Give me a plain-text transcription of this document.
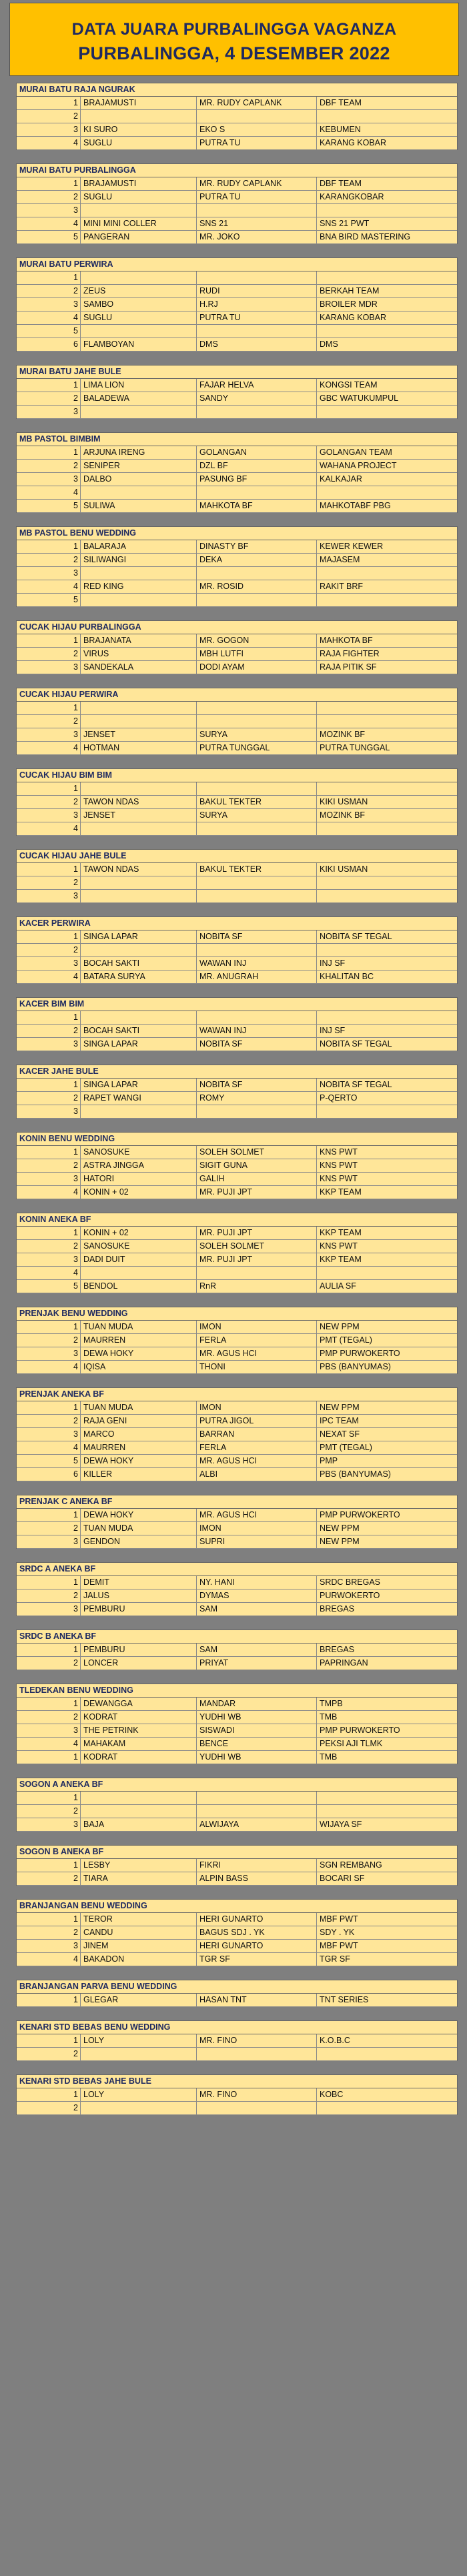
DATA JUARA PURBALINGGA VAGANZA
PURBALINGGA, 4 DESEMBER 2022
MURAI BATU RAJA NGURAK
1 BRAJAMUSTI	MR. RUDY CAPLANK	DBF TEAM
2
3 KI SURO	EKO S	KEBUMEN
4 SUGLU	PUTRA TU	KARANG KOBAR
MURAI BATU PURBALINGGA
1 BRAJAMUSTI	MR. RUDY CAPLANK	DBF TEAM
2 SUGLU	PUTRA TU	KARANGKOBAR
3
4 MINI MINI COLLER	SNS 21	SNS 21 PWT
5 PANGERAN	MR. JOKO	BNA BIRD MASTERING
MURAI BATU PERWIRA
1
2 ZEUS	RUDI	BERKAH TEAM
3 SAMBO	H.RJ	BROILER MDR
4 SUGLU	PUTRA TU	KARANG KOBAR
5
6 FLAMBOYAN	DMS	DMS
MURAI BATU JAHE BULE
1 LIMA LION	FAJAR HELVA	KONGSI TEAM
2 BALADEWA	SANDY	GBC WATUKUMPUL
3
MB PASTOL BIMBIM
1 ARJUNA IRENG	GOLANGAN	GOLANGAN TEAM
2 SENIPER	DZL BF	WAHANA PROJECT
3 DALBO	PASUNG BF	KALKAJAR
4
5 SULIWA	MAHKOTA BF	MAHKOTABF PBG
MB PASTOL BENU WEDDING
1 BALARAJA	DINASTY BF	KEWER KEWER
2 SILIWANGI	DEKA	MAJASEM
3
4 RED KING	MR. ROSID	RAKIT BRF
5
CUCAK HIJAU PURBALINGGA
1 BRAJANATA	MR. GOGON	MAHKOTA BF
2 VIRUS	MBH LUTFI	RAJA FIGHTER
3 SANDEKALA	DODI AYAM	RAJA PITIK SF
CUCAK HIJAU PERWIRA
1
2
3 JENSET	SURYA	MOZINK BF
4 HOTMAN	PUTRA TUNGGAL	PUTRA TUNGGAL
CUCAK HIJAU BIM BIM
1
2 TAWON NDAS	BAKUL TEKTER	KIKI USMAN
3 JENSET	SURYA	MOZINK BF
4
CUCAK HIJAU JAHE BULE
1 TAWON NDAS	BAKUL TEKTER	KIKI USMAN
2
3
KACER PERWIRA
1 SINGA LAPAR	NOBITA SF	NOBITA SF TEGAL
2
3 BOCAH SAKTI	WAWAN INJ	INJ SF
4 BATARA SURYA	MR. ANUGRAH	KHALITAN BC
KACER BIM BIM
1
2 BOCAH SAKTI	WAWAN INJ	INJ SF
3 SINGA LAPAR	NOBITA SF	NOBITA SF TEGAL
KACER JAHE BULE
1 SINGA LAPAR	NOBITA SF	NOBITA SF TEGAL
2 RAPET WANGI	ROMY	P-QERTO
3
KONIN BENU WEDDING
1 SANOSUKE	SOLEH SOLMET	KNS PWT
2 ASTRA JINGGA	SIGIT GUNA	KNS PWT
3 HATORI	GALIH	KNS PWT
4 KONIN + 02	MR. PUJI JPT	KKP TEAM
KONIN ANEKA BF
1 KONIN + 02	MR. PUJI JPT	KKP TEAM
2 SANOSUKE	SOLEH SOLMET	KNS PWT
3 DADI DUIT	MR. PUJI JPT	KKP TEAM
4
5 BENDOL	RnR	AULIA SF
PRENJAK BENU WEDDING
1 TUAN MUDA	IMON	NEW PPM
2 MAURREN	FERLA	PMT (TEGAL)
3 DEWA HOKY	MR. AGUS HCI	PMP PURWOKERTO
4 IQISA	THONI	PBS (BANYUMAS)
PRENJAK ANEKA BF
1 TUAN MUDA	IMON	NEW PPM
2 RAJA GENI	PUTRA JIGOL	IPC TEAM
3 MARCO	BARRAN	NEXAT SF
4 MAURREN	FERLA	PMT (TEGAL)
5 DEWA HOKY	MR. AGUS HCI	PMP
6 KILLER	ALBI	PBS (BANYUMAS)
PRENJAK C ANEKA BF
1 DEWA HOKY	MR. AGUS HCI	PMP PURWOKERTO
2 TUAN MUDA	IMON	NEW PPM
3 GENDON	SUPRI	NEW PPM
SRDC A ANEKA BF
1 DEMIT	NY. HANI	SRDC BREGAS
2 JALUS	DYMAS	PURWOKERTO
3 PEMBURU	SAM	BREGAS
SRDC B ANEKA BF
1 PEMBURU	SAM	BREGAS
2 LONCER	PRIYAT	PAPRINGAN
TLEDEKAN BENU WEDDING
1 DEWANGGA	MANDAR	TMPB
2 KODRAT	YUDHI WB	TMB
3 THE PETRINK	SISWADI	PMP PURWOKERTO
4 MAHAKAM	BENCE	PEKSI AJI TLMK
1 KODRAT	YUDHI WB	TMB
SOGON A ANEKA BF
1
2
3 BAJA	ALWIJAYA	WIJAYA SF
SOGON B ANEKA BF
1 LESBY	FIKRI	SGN REMBANG
2 TIARA	ALPIN BASS	BOCARI SF
BRANJANGAN BENU WEDDING
1 TEROR	HERI GUNARTO	MBF PWT
2 CANDU	BAGUS SDJ . YK	SDY . YK
3 JINEM	HERI GUNARTO	MBF PWT
4 BAKADON	TGR SF	TGR SF
BRANJANGAN PARVA BENU WEDDING
1 GLEGAR	HASAN TNT	TNT SERIES
KENARI STD BEBAS BENU WEDDING
1 LOLY	MR. FINO	K.O.B.C
2
KENARI STD BEBAS JAHE BULE
1 LOLY	MR. FINO	KOBC
2
